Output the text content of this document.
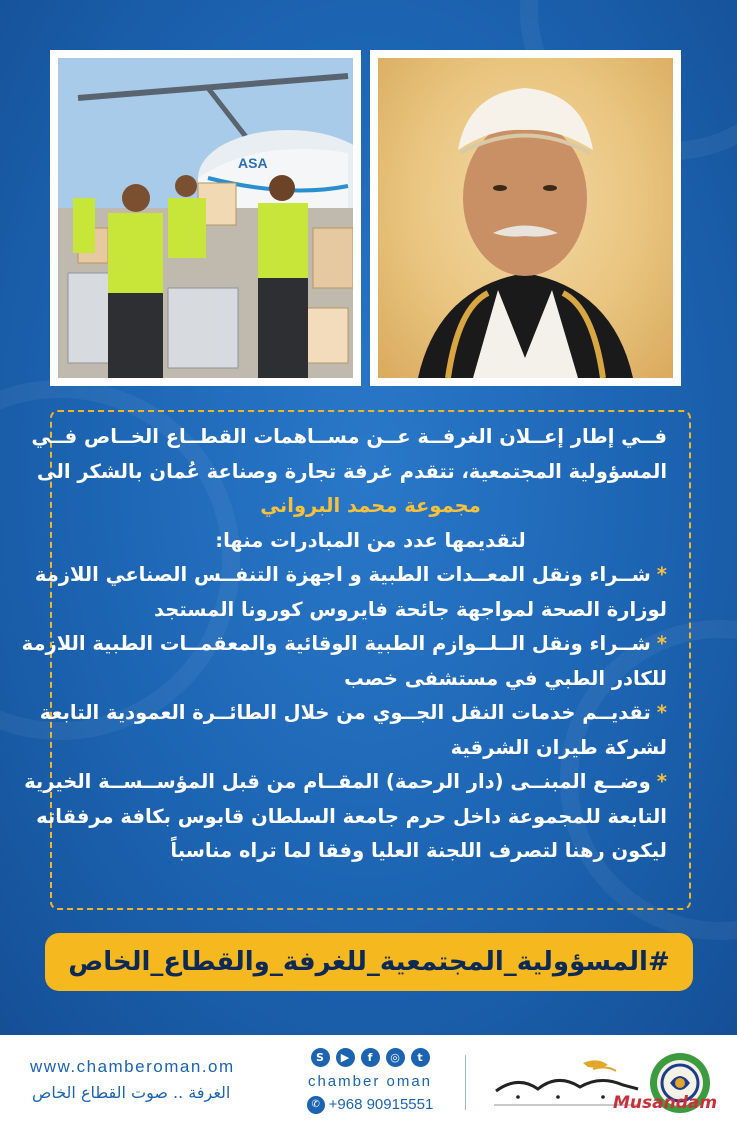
ASA

فــي إطار إعــلان الغرفــة عــن مســاهمات القطــاع الخــاص فــي

المسؤولية المجتمعية، تتقدم غرفة تجارة وصناعة عُمان بالشكر الى

مجموعة محمد البرواني

لتقديمها عدد من المبادرات منها:

*شــراء ونقل المعــدات الطبية و اجهزة التنفــس الصناعي اللازمة

لوزارة الصحة لمواجهة جائحة فايروس كورونا المستجد

*شــراء ونقل الــلــوازم الطبية الوقائية والمعقمــات الطبية اللازمة

للكادر الطبي في مستشفى خصب

*تقديــم خدمات النقل الجــوي من خلال الطائــرة العمودية التابعة

لشركة طيران الشرقية

*وضــع المبنــى (دار الرحمة) المقــام من قبل المؤســســة الخيرية

التابعة للمجموعة داخل حرم جامعة السلطان قابوس بكافة مرفقاته

ليكون رهنا لتصرف اللجنة العليا وفقا لما تراه مناسباً

#المسؤولية_المجتمعية_للغرفة_والقطاع_الخاص
www.chamberoman.om
الغرفة .. صوت القطاع الخاص
S	▶	f	◎	t
chamber oman
✆ +968 90915551	Musandam
